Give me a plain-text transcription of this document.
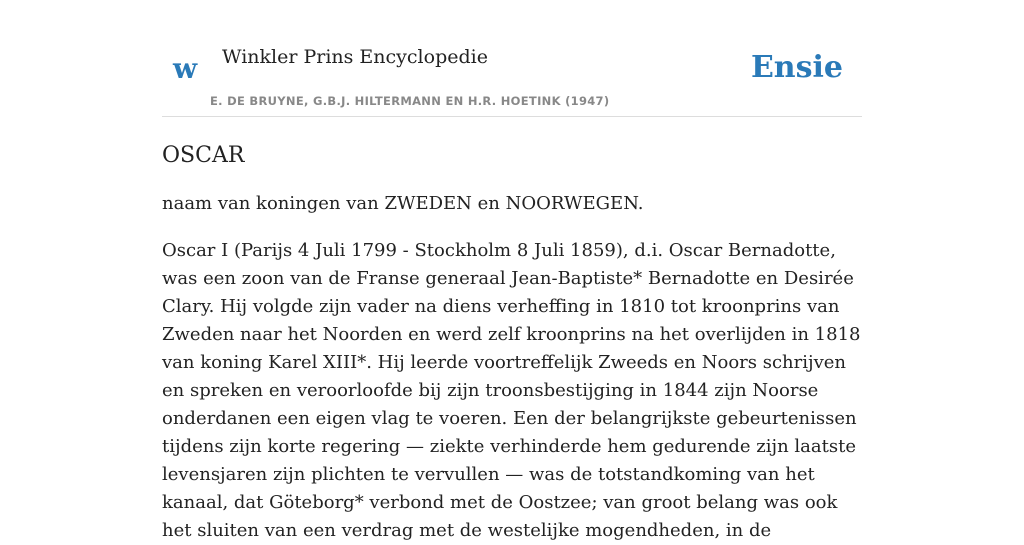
w Winkler Prins Encyclopedie
E. DE BRUYNE, G.B.J. HILTERMANN EN H.R. HOETINK (1947)
Ensie
OSCAR

naam van koningen van ZWEDEN en NOORWEGEN.

Oscar I (Parijs 4 Juli 1799 - Stockholm 8 Juli 1859), d.i. Oscar Bernadotte, was een zoon van de Franse generaal Jean-Baptiste* Bernadotte en Desirée Clary. Hij volgde zijn vader na diens verheffing in 1810 tot kroonprins van Zweden naar het Noorden en werd zelf kroonprins na het overlijden in 1818 van koning Karel XIII*. Hij leerde voortreffelijk Zweeds en Noors schrijven en spreken en veroorloofde bij zijn troonsbestijging in 1844 zijn Noorse onderdanen een eigen vlag te voeren. Een der belangrijkste gebeurtenissen tijdens zijn korte regering — ziekte verhinderde hem gedurende zijn laatste levensjaren zijn plichten te vervullen — was de totstandkoming van het kanaal, dat Göteborg* verbond met de Oostzee; van groot belang was ook het sluiten van een verdrag met de westelijke mogendheden, in de
